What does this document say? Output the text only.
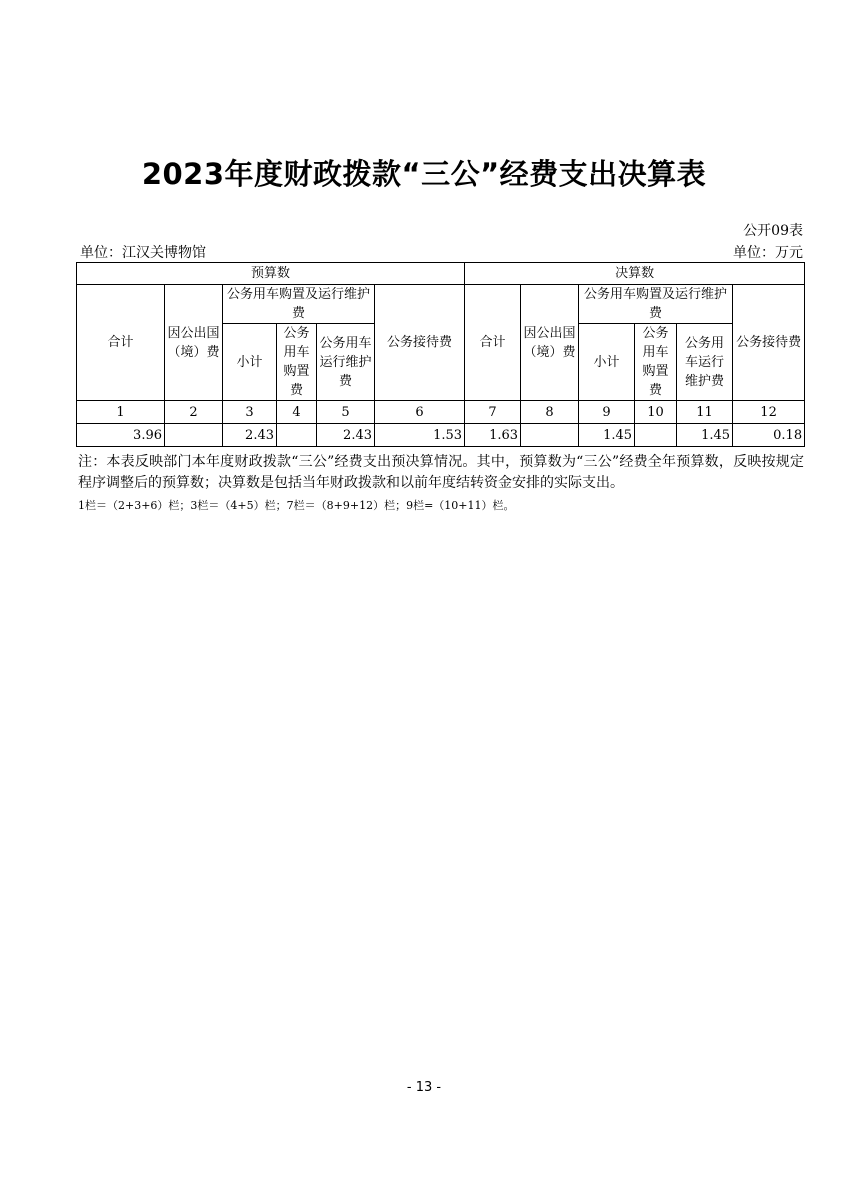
2023年度财政拨款“三公”经费支出决算表
公开09表
单位：江汉关博物馆	单位：万元
预算数						决算数					
合计	因公出国（境）费	公务用车购置及运行维护费			公务接待费	合计	因公出国（境）费	公务用车购置及运行维护费			公务接待费
		小计	公务用车购置费	公务用车运行维护费				小计	公务用车购置费	公务用车运行维护费	
1	2	3	4	5	6	7	8	9	10	11	12
3.96		2.43		2.43	1.53	1.63		1.45		1.45	0.18
注：本表反映部门本年度财政拨款“三公”经费支出预决算情况。其中，预算数为“三公”经费全年预算数，反映按规定程序调整后的预算数；决算数是包括当年财政拨款和以前年度结转资金安排的实际支出。
1栏＝（2+3+6）栏；3栏＝（4+5）栏；7栏＝（8+9+12）栏；9栏=（10+11）栏。
- 13 -
